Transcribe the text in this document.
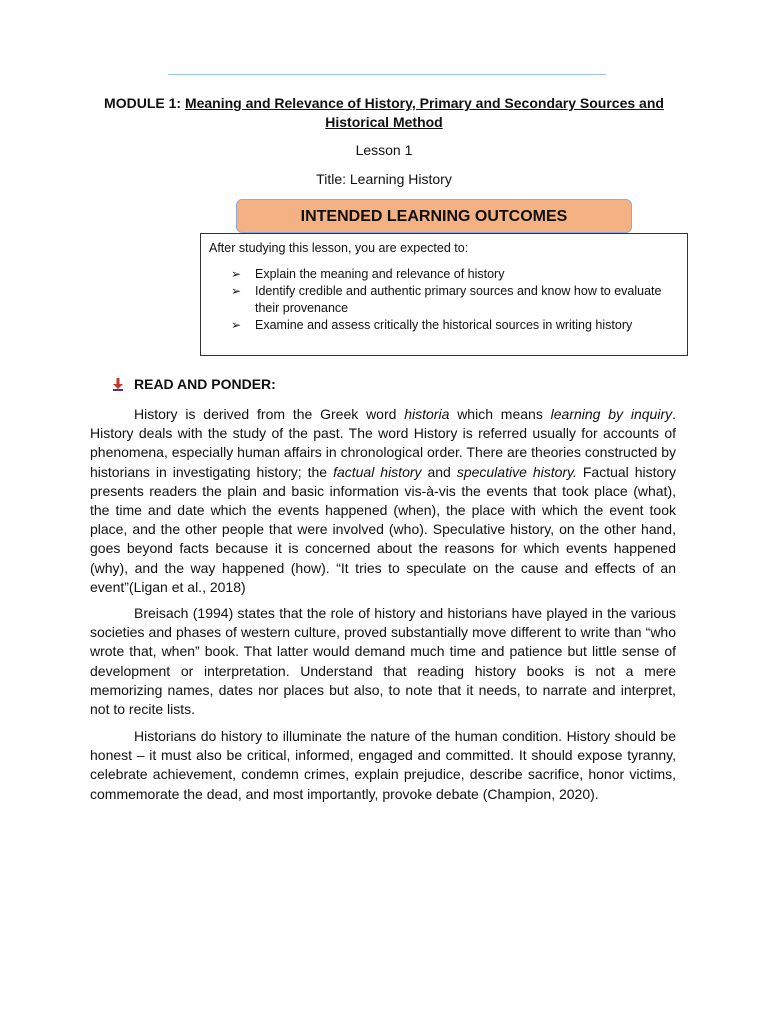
MODULE 1: Meaning and Relevance of History, Primary and Secondary Sources and Historical Method
Lesson 1
Title: Learning History
INTENDED LEARNING OUTCOMES
After studying this lesson, you are expected to:
➢ Explain the meaning and relevance of history
➢ Identify credible and authentic primary sources and know how to evaluate their provenance
➢ Examine and assess critically the historical sources in writing history
READ AND PONDER:

History is derived from the Greek word historia which means learning by inquiry. History deals with the study of the past. The word History is referred usually for accounts of phenomena, especially human affairs in chronological order. There are theories constructed by historians in investigating history; the factual history and speculative history. Factual history presents readers the plain and basic information vis-à-vis the events that took place (what), the time and date which the events happened (when), the place with which the event took place, and the other people that were involved (who). Speculative history, on the other hand, goes beyond facts because it is concerned about the reasons for which events happened (why), and the way happened (how). “It tries to speculate on the cause and effects of an event”(Ligan et al., 2018)

Breisach (1994) states that the role of history and historians have played in the various societies and phases of western culture, proved substantially move different to write than “who wrote that, when” book. That latter would demand much time and patience but little sense of development or interpretation. Understand that reading history books is not a mere memorizing names, dates nor places but also, to note that it needs, to narrate and interpret, not to recite lists.

Historians do history to illuminate the nature of the human condition. History should be honest – it must also be critical, informed, engaged and committed. It should expose tyranny, celebrate achievement, condemn crimes, explain prejudice, describe sacrifice, honor victims, commemorate the dead, and most importantly, provoke debate (Champion, 2020).
